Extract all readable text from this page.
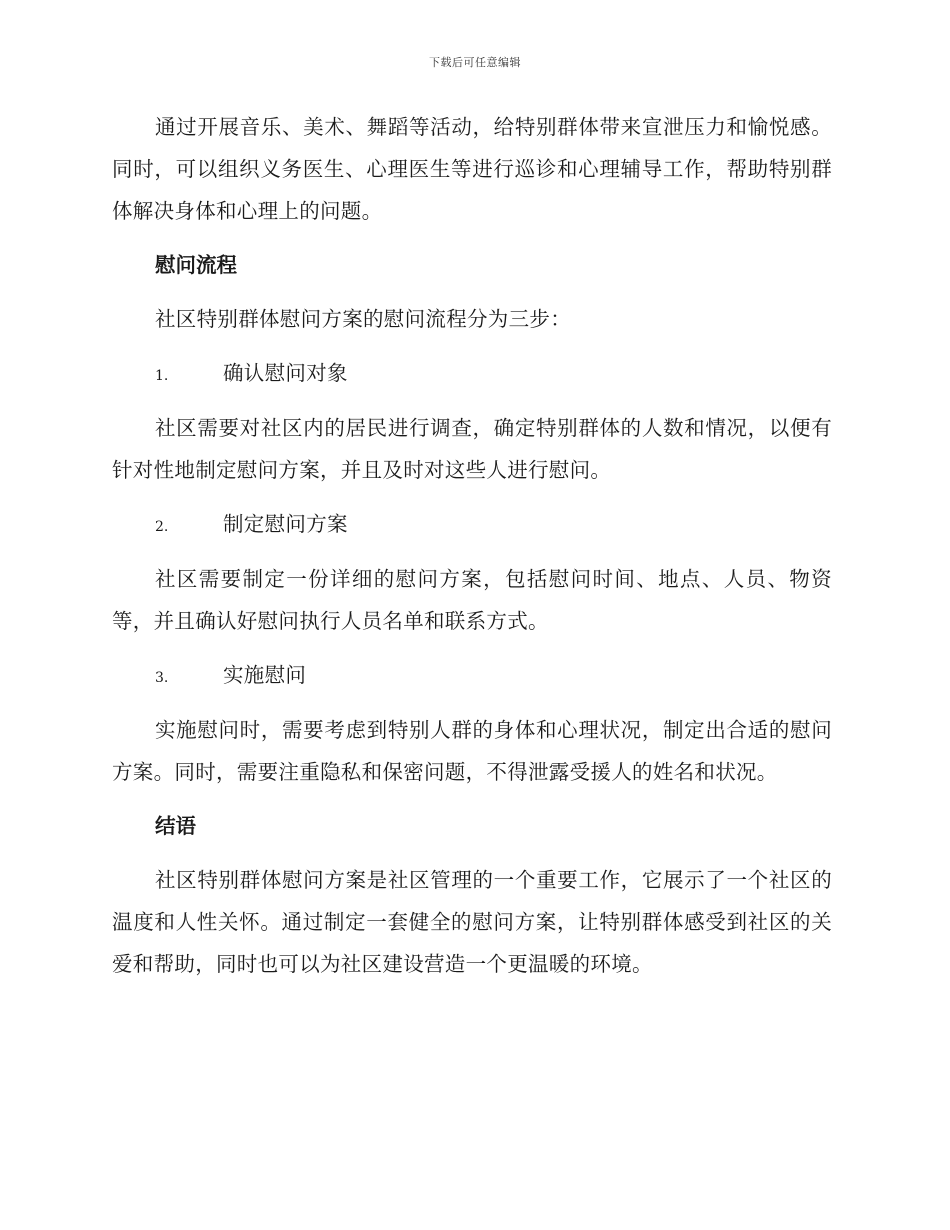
下载后可任意编辑

通过开展音乐、美术、舞蹈等活动，给特别群体带来宣泄压力和愉悦感。同时，可以组织义务医生、心理医生等进行巡诊和心理辅导工作，帮助特别群体解决身体和心理上的问题。

慰问流程

社区特别群体慰问方案的慰问流程分为三步：

1.	确认慰问对象

社区需要对社区内的居民进行调查，确定特别群体的人数和情况，以便有针对性地制定慰问方案，并且及时对这些人进行慰问。

2.	制定慰问方案

社区需要制定一份详细的慰问方案，包括慰问时间、地点、人员、物资等，并且确认好慰问执行人员名单和联系方式。

3.	实施慰问

实施慰问时，需要考虑到特别人群的身体和心理状况，制定出合适的慰问方案。同时，需要注重隐私和保密问题，不得泄露受援人的姓名和状况。

结语

社区特别群体慰问方案是社区管理的一个重要工作，它展示了一个社区的温度和人性关怀。通过制定一套健全的慰问方案，让特别群体感受到社区的关爱和帮助，同时也可以为社区建设营造一个更温暖的环境。
